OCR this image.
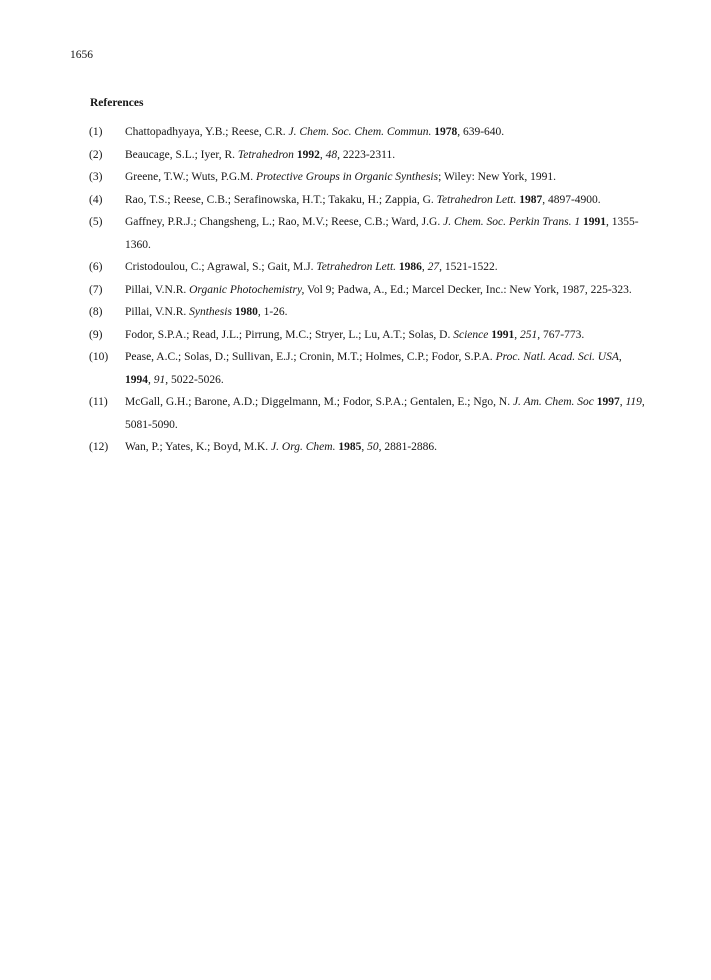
1656
References
(1) Chattopadhyaya, Y.B.; Reese, C.R. J. Chem. Soc. Chem. Commun. 1978, 639-640.
(2) Beaucage, S.L.; Iyer, R. Tetrahedron 1992, 48, 2223-2311.
(3) Greene, T.W.; Wuts, P.G.M. Protective Groups in Organic Synthesis; Wiley: New York, 1991.
(4) Rao, T.S.; Reese, C.B.; Serafinowska, H.T.; Takaku, H.; Zappia, G. Tetrahedron Lett. 1987, 4897-4900.
(5) Gaffney, P.R.J.; Changsheng, L.; Rao, M.V.; Reese, C.B.; Ward, J.G. J. Chem. Soc. Perkin Trans. 1 1991, 1355-1360.
(6) Cristodoulou, C.; Agrawal, S.; Gait, M.J. Tetrahedron Lett. 1986, 27, 1521-1522.
(7) Pillai, V.N.R. Organic Photochemistry, Vol 9; Padwa, A., Ed.; Marcel Decker, Inc.: New York, 1987, 225-323.
(8) Pillai, V.N.R. Synthesis 1980, 1-26.
(9) Fodor, S.P.A.; Read, J.L.; Pirrung, M.C.; Stryer, L.; Lu, A.T.; Solas, D. Science 1991, 251, 767-773.
(10) Pease, A.C.; Solas, D.; Sullivan, E.J.; Cronin, M.T.; Holmes, C.P.; Fodor, S.P.A. Proc. Natl. Acad. Sci. USA, 1994, 91, 5022-5026.
(11) McGall, G.H.; Barone, A.D.; Diggelmann, M.; Fodor, S.P.A.; Gentalen, E.; Ngo, N. J. Am. Chem. Soc 1997, 119, 5081-5090.
(12) Wan, P.; Yates, K.; Boyd, M.K. J. Org. Chem. 1985, 50, 2881-2886.
